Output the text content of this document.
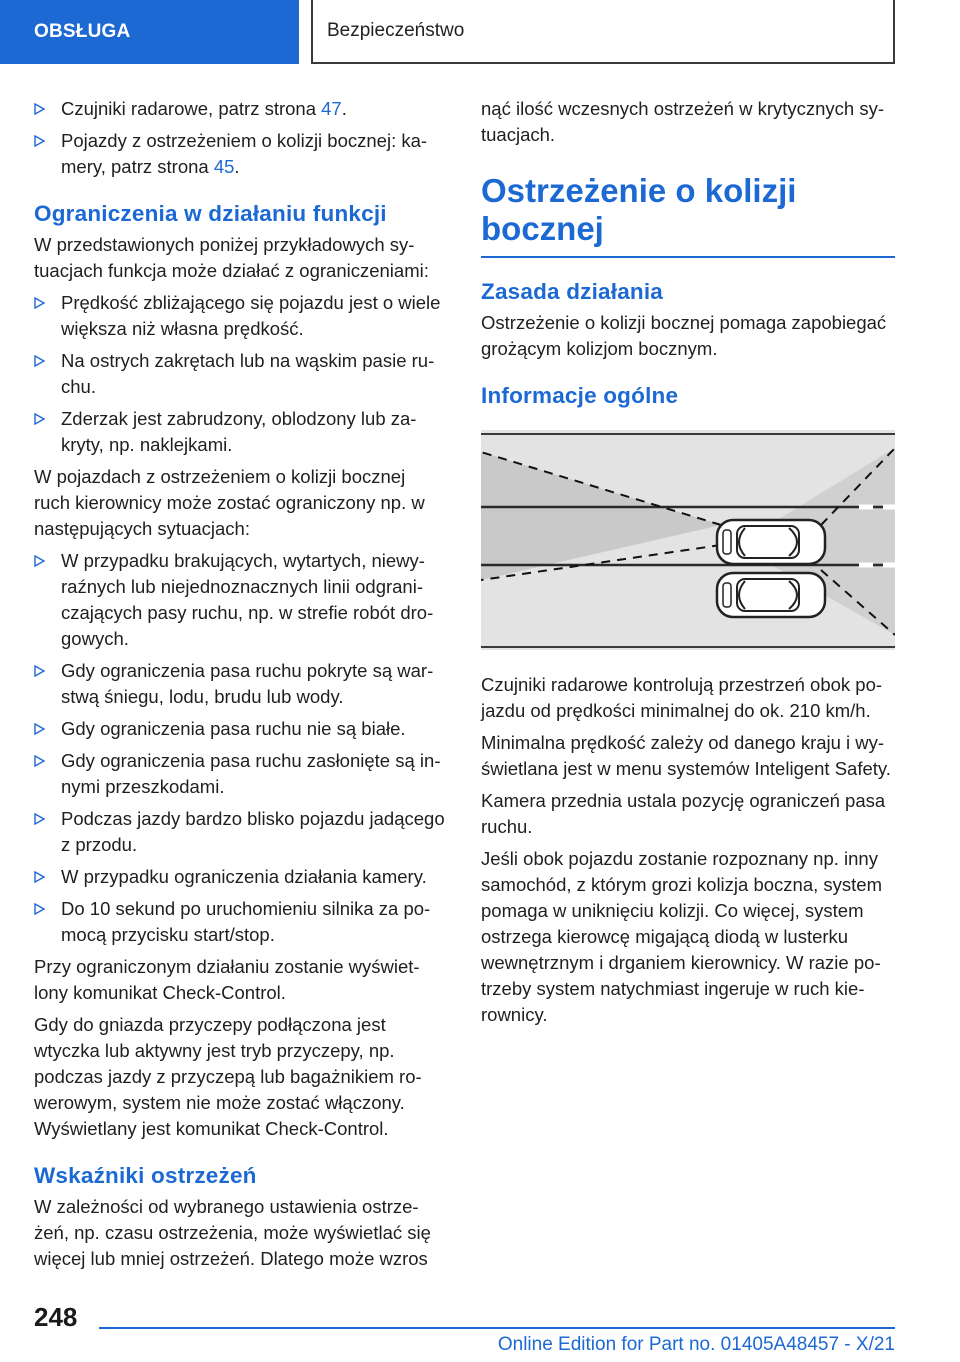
OBSŁUGA	Bezpieczeństwo
Czujniki radarowe, patrz strona 47.
Pojazdy z ostrzeżeniem o kolizji bocznej: kamery, patrz strona 45.
Ograniczenia w działaniu funkcji

W przedstawionych poniżej przykładowych sytuacjach funkcja może działać z ograniczeniami:

Prędkość zbliżającego się pojazdu jest o wiele większa niż własna prędkość.
Na ostrych zakrętach lub na wąskim pasie ruchu.
Zderzak jest zabrudzony, oblodzony lub zakryty, np. naklejkami.

W pojazdach z ostrzeżeniem o kolizji bocznej ruch kierownicy może zostać ograniczony np. w następujących sytuacjach:

W przypadku brakujących, wytartych, niewyraźnych lub niejednoznacznych linii odgraniczających pasy ruchu, np. w strefie robót drogowych.
Gdy ograniczenia pasa ruchu pokryte są warstwą śniegu, lodu, brudu lub wody.
Gdy ograniczenia pasa ruchu nie są białe.
Gdy ograniczenia pasa ruchu zasłonięte są innymi przeszkodami.
Podczas jazdy bardzo blisko pojazdu jadącego z przodu.
W przypadku ograniczenia działania kamery.
Do 10 sekund po uruchomieniu silnika za pomocą przycisku start/stop.

Przy ograniczonym działaniu zostanie wyświetlony komunikat Check-Control.

Gdy do gniazda przyczepy podłączona jest wtyczka lub aktywny jest tryb przyczepy, np. podczas jazdy z przyczepą lub bagażnikiem rowerowym, system nie może zostać włączony. Wyświetlany jest komunikat Check-Control.

Wskaźniki ostrzeżeń

W zależności od wybranego ustawienia ostrzeżeń, np. czasu ostrzeżenia, może wyświetlać się więcej lub mniej ostrzeżeń. Dlatego może wzros

nąć ilość wczesnych ostrzeżeń w krytycznych sytuacjach.

Ostrzeżenie o kolizji bocznej
Zasada działania

Ostrzeżenie o kolizji bocznej pomaga zapobiegać grożącym kolizjom bocznym.

Informacje ogólne

Czujniki radarowe kontrolują przestrzeń obok pojazdu od prędkości minimalnej do ok. 210 km/h.

Minimalna prędkość zależy od danego kraju i wyświetlana jest w menu systemów Inteligent Safety.

Kamera przednia ustala pozycję ograniczeń pasa ruchu.

Jeśli obok pojazdu zostanie rozpoznany np. inny samochód, z którym grozi kolizja boczna, system pomaga w uniknięciu kolizji. Co więcej, system ostrzega kierowcę migającą diodą w lusterku wewnętrznym i drganiem kierownicy. W razie potrzeby system natychmiast ingeruje w ruch kierownicy.

248
Online Edition for Part no. 01405A48457 - X/21
